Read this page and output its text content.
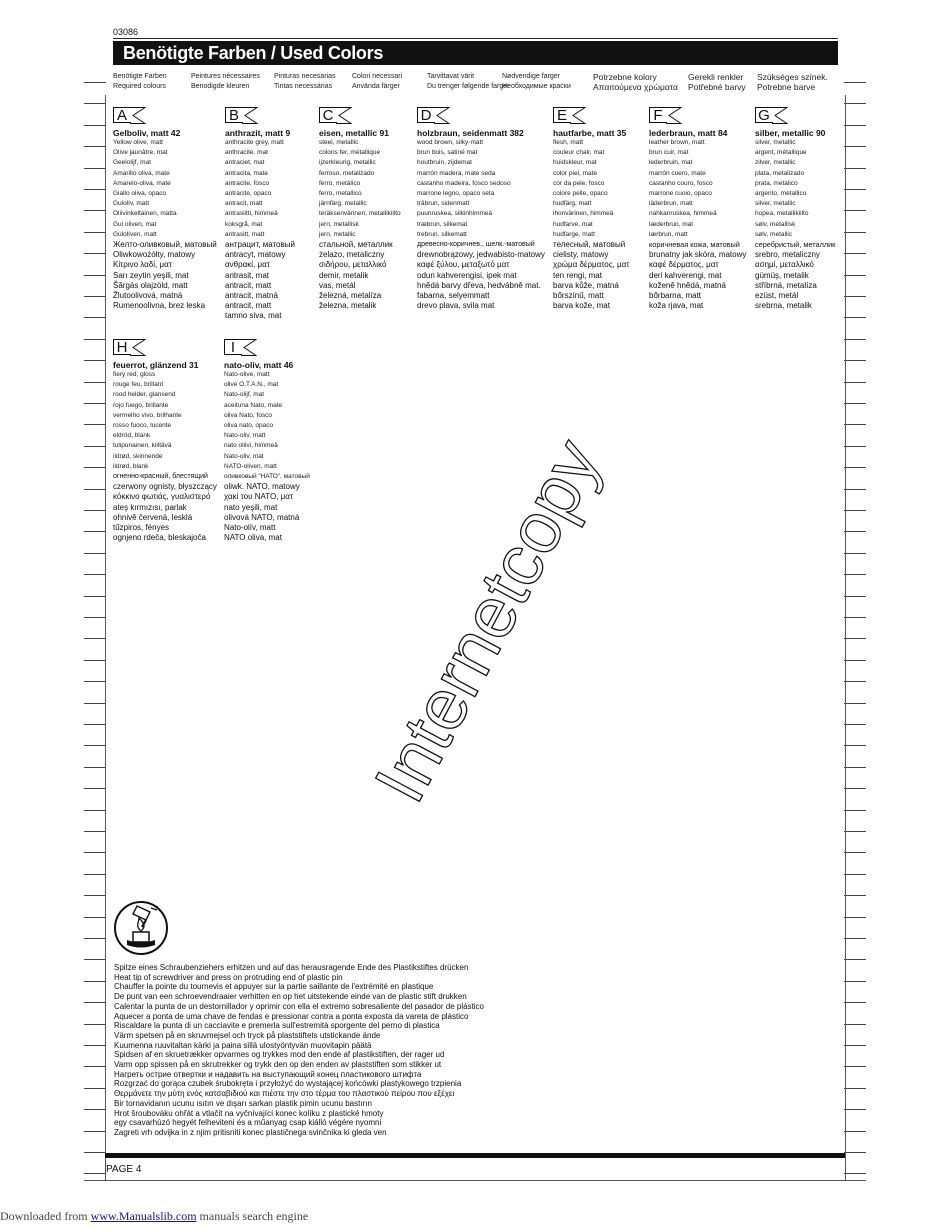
03086
Benötigte Farben / Used Colors
Benötigte Farben
Required colours
Peintures nécessaires
Benodigde kleuren
Pinturas necesarias
Tintas necessárias
Colori necessari
Använda färger
Tarvittavat värit
Du trenger følgende farger
Nødvendige farger
Необходимые краски
Potrzebne kolory
Απαιτούμενα χρώματα
Gerekli renkler
Potřebné barvy
Szükséges színek.
Potrebne barve
A
Gelboliv, matt 42
Yellow olive, matt
Olive jaunâtre, mat
Geelolijf, mat
Amarillo oliva, mate
Amarelo-oliva, mate
Giallo oliva, opaco
Gulolív, matt
Oliivinkeltainen, mattа
Gul oliven, mat
Gulolíven, matt
Желто-оливковый, матовый
Oliwkowożółty, matowy
Κίτρινο λαδί, ματ
Sarı zeytin yeşili, mat
Šărgás olajzöld, matt
Žlutoolivová, matná
Rumenoolivna, brez leska
B
anthrazit, matt 9
anthracite grey, matt
anthracite, mat
antraciet, mat
antracita, mate
antracite, fosco
antracite, opaco
antracit, matt
antrasiitti, himmeä
koksgrå, mat
antrasitt, matt
антрацит, матовый
antracyt, matowy
ανθρακί, ματ
antrasit, mat
antracit, matt
antracit, matná
antracit, matt
tamno siva, mat
C
eisen, metallic 91
steel, metallic
coloris fer, métallique
ijzerkleurig, metallic
ferroso, metalizado
ferro, metálico
ferro, metallico
järnfärg, metallic
teräksenvärinen, metallikiilto
jern, metallisk
jern, metallic
стальной, металлик
żelazo, metaliczny
σιδήρου, μεταλλικό
demir, metalik
vas, metál
železná, metalíza
železna, metalik
D
holzbraun, seidenmatt 382
wood brown, silky-matt
brun bois, satiné mat
houtbruin, zijdemat
marrón madera, mate seda
castanho madeira, fosco sedoso
marrone legno, opaco seta
träbrun, sidenmatt
puunruskea, silkinhimmeä
træbrun, silkemat
trebrun, silkematt
древесно-коричнев., шелк.-матовый
drewnobrązowy, jedwabisto-matowy
καφέ ξύλου, μεταξωτό ματ
odun kahverengisi, ipek mat
hnědá barvy dřeva, hedvábně mat.
fabarna, selyemmatt
drevo plava, svila mat
E
hautfarbe, matt 35
flesh, matt
couleur chair, mat
huidskleur, mat
color piel, mate
cor da pele, fosco
colore pelle, opaco
hudfärg, matt
ihonvärinen, himmeä
hudfarve, mat
hudfarge, matt
телесный, матовый
cielisty, matowy
χρώμα δέρματος, ματ
ten rengi, mat
barva kůže, matná
bőrszínű, matt
barva kože, mat
F
lederbraun, matt 84
leather brown, matt
brun cuir, mat
lederbruin, mat
marrón cuero, mate
castanho couro, fosco
marrone cuoio, opaco
läderbrun, matt
nahkanruskea, himmeä
læderbrun, mat
lærbrun, matt
коричневая кожа, матовый
brunatny jak skóra, matowy
καφέ δέρματος, ματ
deri kahverengi, mat
koženě hnědá, matná
bőrbarna, matt
koža rjava, mat
G
silber, metallic 90
silver, metallic
argent, métallique
zilver, metallic
plata, metalizado
prata, metálico
argento, metallico
silver, metallic
hopea, metallikiilto
sølv, metallisk
sølv, metallic
серебристый, металлик
srebro, metaliczny
ασημί, μεταλλικό
gümüş, metalik
stříbrná, metalíza
ezüst, metál
srebrna, metalik
H
feuerrot, glänzend 31
fiery red, gloss
rouge feu, brillant
rood helder, glansend
rojo fuego, brillante
vermelho vivo, brilhante
rosso fuoco, lucente
eldröd, blank
tulipunainen, kiiltävä
ildrød, skinnende
ildrød, blank
огненно-красный, блестящий
czerwony ognisty, błyszczący
κόκκινο φωτιάς, γυαλιστερό
ateş kırmızısı, parlak
ohnivě červená, lesklá
tűzpiros, fényes
ognjeno rdeča, bleskajoča
I
nato-oliv, matt 46
Nato-olive, matt
olive O.T.A.N., mat
Nato-olijf, mat
aceituna Nato, mate
oliva Nato, fosco
oliva nato, opaco
Nato-oliv, matt
nato oliivi, himmeä
Nato-oliv, mat
NATO-oliven, matt
оливковый “НАТО”, матовый
oliwk. NATO, matowy
χακί του NATO, ματ
nato yeşili, mat
olivová NATO, matná
Nato-olív, matt
NATO oliva, mat	Internetcopy
Spitze eines Schraubenziehers erhitzen und auf das herausragende Ende des Plastikstiftes drücken
Heat tip of screwdriver and press on protruding end of plastic pin
Chauffer la pointe du tournevis et appuyer sur la partie saillante de l'extrémité en plastique
De punt van een schroevendraaier verhitten en op het uitstekende einde van de plastic stift drukken
Calentar la punta de un destornillador y oprimir con ella el extremo sobresaliente del pasador de plástico
Aquecer a ponta de uma chave de fendas e pressionar contra a ponta exposta da vareta de plástico
Riscaldare la punta di un cacciavite e premerla sull'estremità sporgente del perno di plastica
Värm spetsen på en skruvmejsel och tryck på plaststiftets utstickande ände
Kuumenna ruuvitaltan kärki ja paina sillä ulostyöntyvän muovitapin päätä
Spidsen af en skruetrækker opvarmes og trykkes mod den ende af plastikstiften, der rager ud
Varm opp spissen på en skrutrekker og trykk den op den enden av plaststiften som stikker ut
Нагреть острие отвертки и надавить на выступающий конец пластикового штифта
Rozgrzać do gorąca czubek śrubokręta i przyłożyć do wystającej końcówki plastykowego trzpienia
Θερμάνετε την μύτη ενός κατσαβιδιού και πιέστε την στο τέρμα του πλαστικού πείρου που εξέχει
Bir tornavidanın ucunu ısıtın ve dışarı sarkan plastik pimin ucunu bastırın
Hrot šroubováku ohřát a vtlačit na vyčnívající konec kolíku z plastické hmoty
egy csavarhúzó hegyét felheviteni és a műanyag csap kiálló végére nyomni
Zagreti vrh odvijka in z njim pritisniti konec plastičnega svinčnika ki gleda ven
PAGE 4
Downloaded from www.Manualslib.com manuals search engine
